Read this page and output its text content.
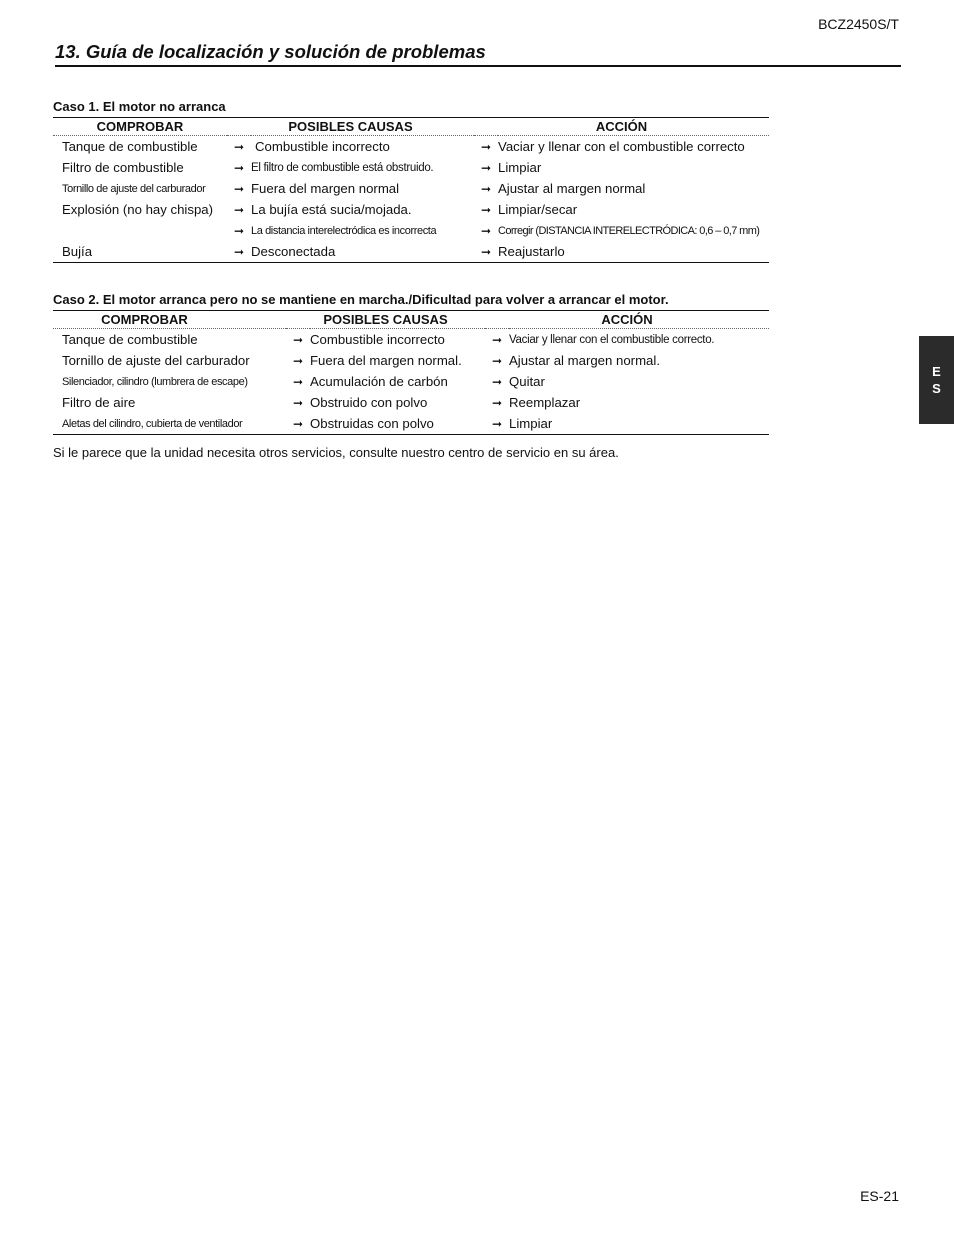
BCZ2450S/T
13. Guía de localización y solución de problemas
Caso 1. El motor no arranca
COMPROBAR	POSIBLES CAUSAS		ACCIÓN	
Tanque de combustible	➞	Combustible incorrecto	➞	Vaciar y llenar con el combustible correcto
Filtro de combustible	➞	El filtro de combustible está obstruido.	➞	Limpiar
Tornillo de ajuste del carburador	➞	Fuera del margen normal	➞	Ajustar al margen normal
Explosión (no hay chispa)	➞	La bujía está sucia/mojada.	➞	Limpiar/secar
	➞	La distancia interelectródica es incorrecta	➞	Corregir (DISTANCIA INTERELECTRÓDICA: 0,6 – 0,7 mm)
Bujía	➞	Desconectada	➞	Reajustarlo
Caso 2. El motor arranca pero no se mantiene en marcha./Dificultad para volver a arrancar el motor.
COMPROBAR	POSIBLES CAUSAS		ACCIÓN	
Tanque de combustible	➞	Combustible incorrecto	➞	Vaciar y llenar con el combustible correcto.
Tornillo de ajuste del carburador	➞	Fuera del margen normal.	➞	Ajustar al margen normal.
Silenciador, cilindro (lumbrera de escape)	➞	Acumulación de carbón	➞	Quitar
Filtro de aire	➞	Obstruido con polvo	➞	Reemplazar
Aletas del cilindro, cubierta de ventilador	➞	Obstruidas con polvo	➞	Limpiar
Si le parece que la unidad necesita otros servicios, consulte nuestro centro de servicio en su área.
E
S
ES-21
